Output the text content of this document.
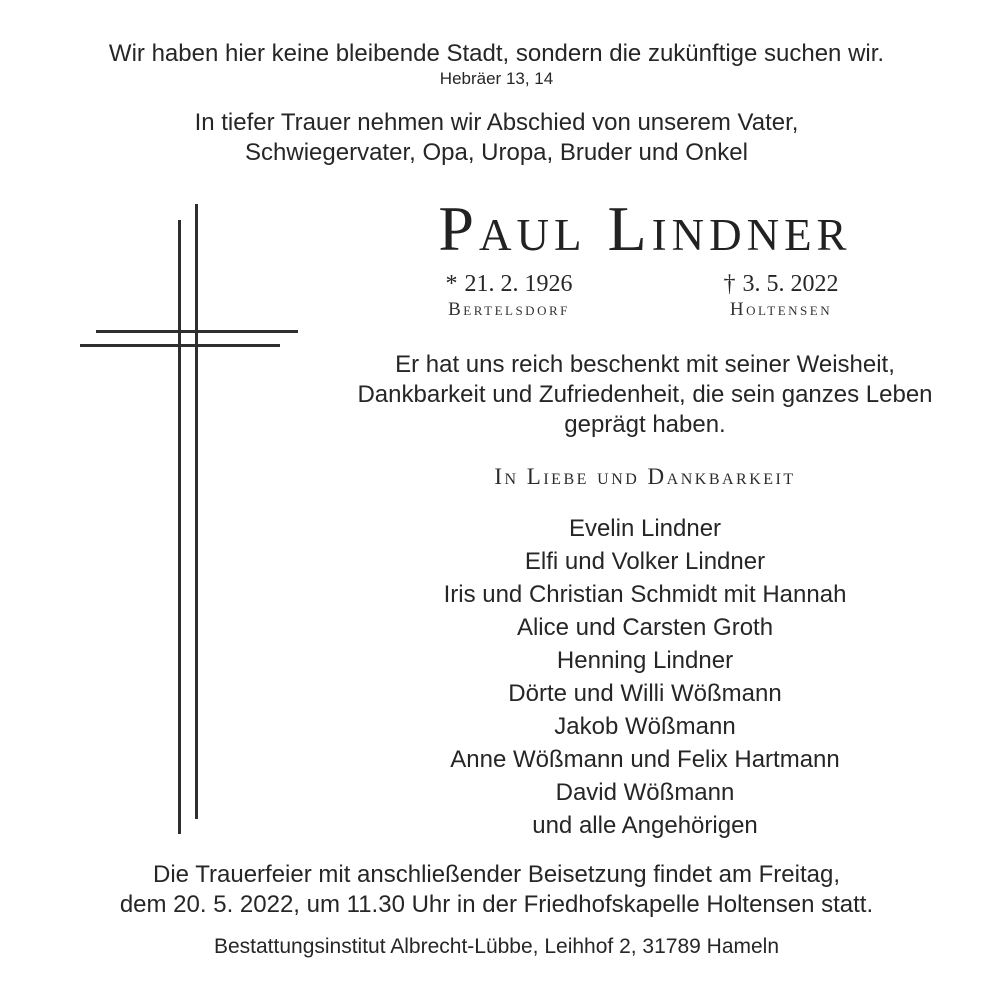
Wir haben hier keine bleibende Stadt, sondern die zukünftige suchen wir.
Hebräer 13, 14
In tiefer Trauer nehmen wir Abschied von unserem Vater,
Schwiegervater, Opa, Uropa, Bruder und Onkel
Paul Lindner
* 21. 2. 1926
Bertelsdorf
† 3. 5. 2022
Holtensen
Er hat uns reich beschenkt mit seiner Weisheit,
Dankbarkeit und Zufriedenheit, die sein ganzes Leben
geprägt haben.
In Liebe und Dankbarkeit
Evelin Lindner
Elfi und Volker Lindner
Iris und Christian Schmidt mit Hannah
Alice und Carsten Groth
Henning Lindner
Dörte und Willi Wößmann
Jakob Wößmann
Anne Wößmann und Felix Hartmann
David Wößmann
und alle Angehörigen
Die Trauerfeier mit anschließender Beisetzung findet am Freitag,
dem 20. 5. 2022, um 11.30 Uhr in der Friedhofskapelle Holtensen statt.
Bestattungsinstitut Albrecht-Lübbe, Leihhof 2, 31789 Hameln
